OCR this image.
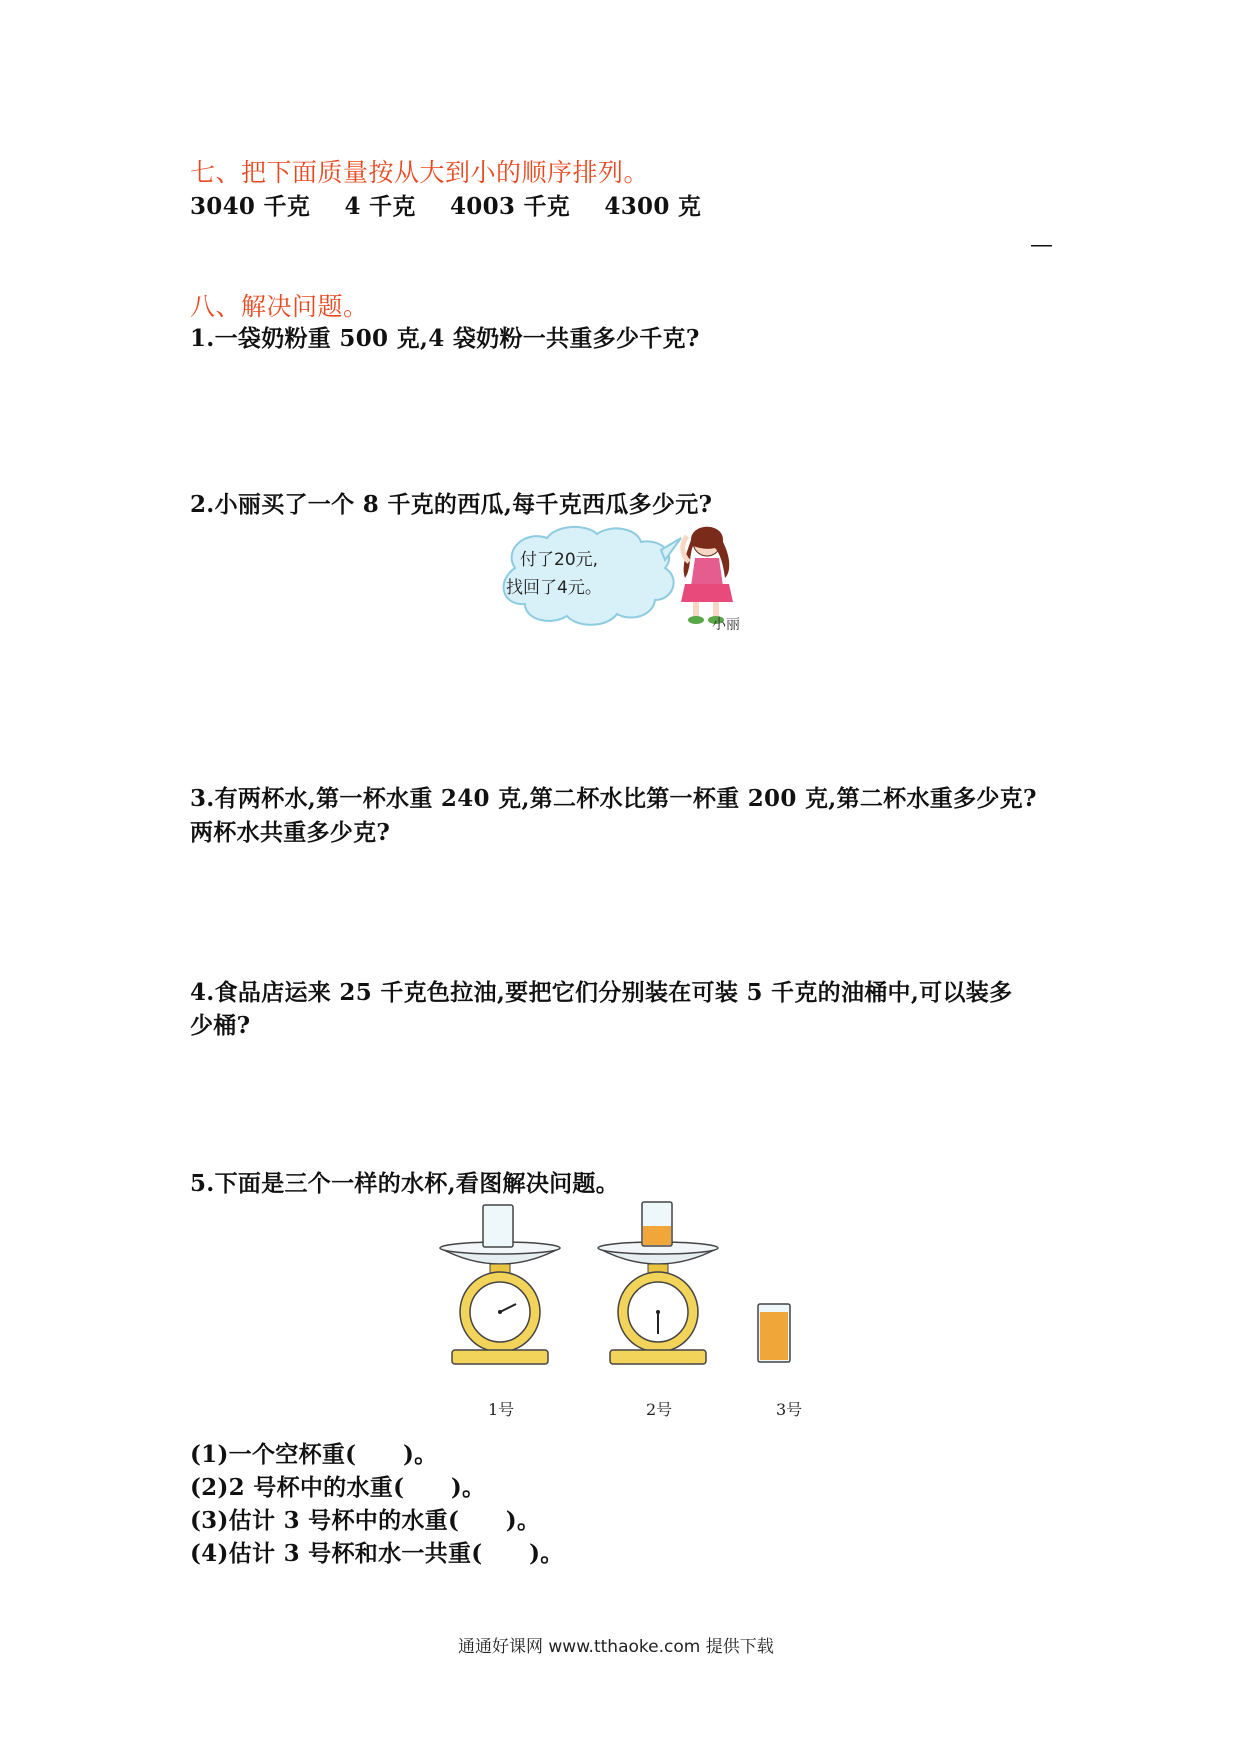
七、把下面质量按从大到小的顺序排列。
3040 千克 4 千克 4003 千克 4300 克
—
八、解决问题。
1.一袋奶粉重 500 克,4 袋奶粉一共重多少千克?
2.小丽买了一个 8 千克的西瓜,每千克西瓜多少元?
付了20元,
找回了4元。
小丽
3.有两杯水,第一杯水重 240 克,第二杯水比第一杯重 200 克,第二杯水重多少克?
两杯水共重多少克?
4.食品店运来 25 千克色拉油,要把它们分别装在可装 5 千克的油桶中,可以装多
少桶?
5.下面是三个一样的水杯,看图解决问题。
1号	2号	3号
(1)一个空杯重(　　)。
(2)2 号杯中的水重(　　)。
(3)估计 3 号杯中的水重(　　)。
(4)估计 3 号杯和水一共重(　　)。
通通好课网 www.tthaoke.com 提供下载
